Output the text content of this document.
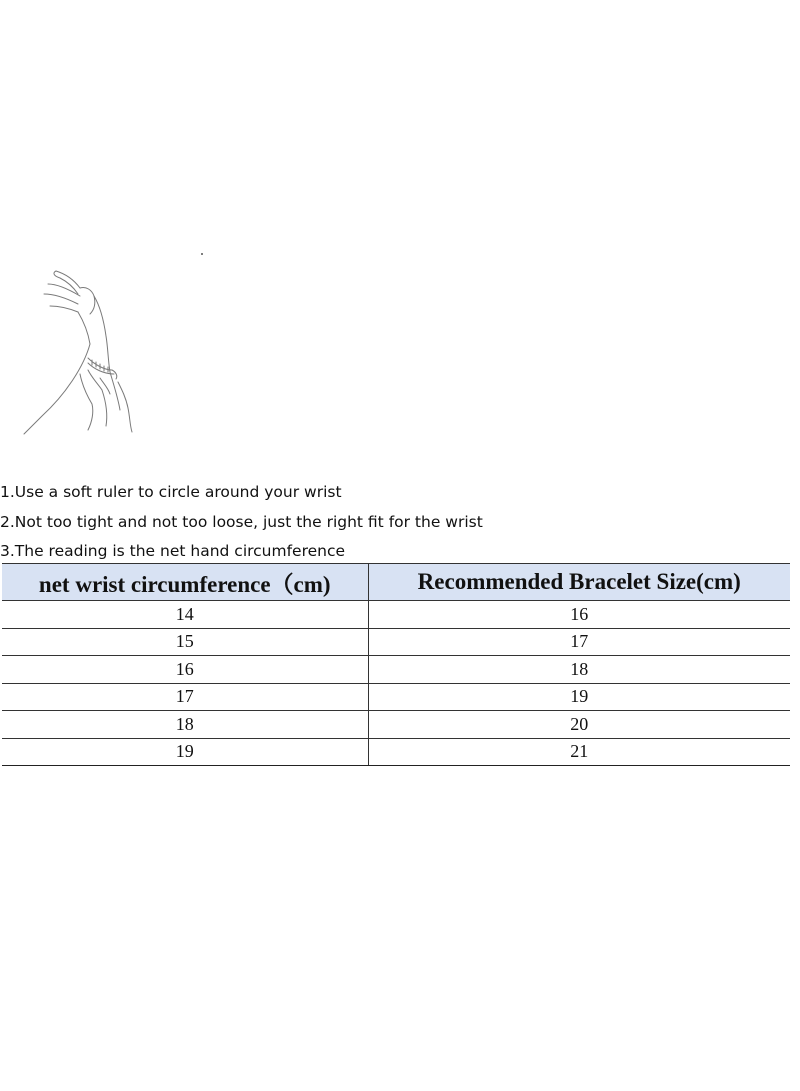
1.Use a soft ruler to circle around your wrist
2.Not too tight and not too loose, just the right fit for the wrist
3.The reading is the net hand circumference
net wrist circumference（cm)	Recommended Bracelet Size(cm)
14	16
15	17
16	18
17	19
18	20
19	21
